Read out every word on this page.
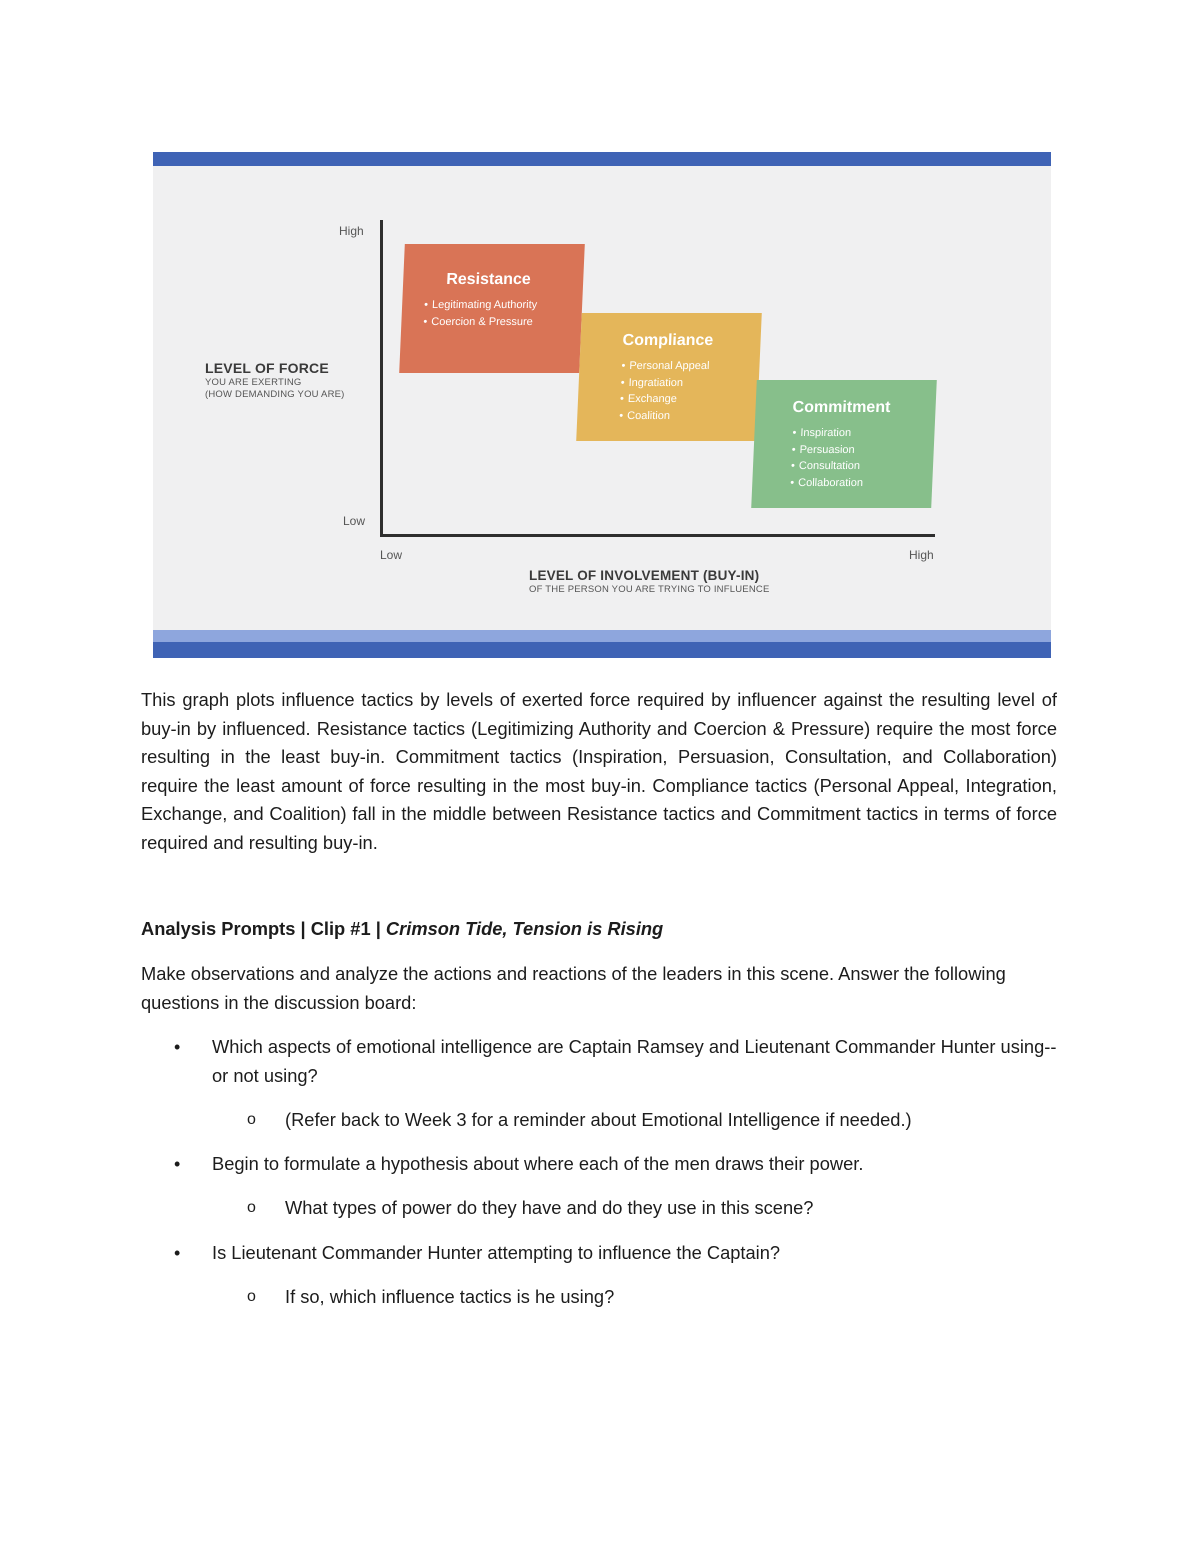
High
Low
Low	High
LEVEL OF FORCE
YOU ARE EXERTING
(HOW DEMANDING YOU ARE)
LEVEL OF INVOLVEMENT (BUY-IN)
OF THE PERSON YOU ARE TRYING TO INFLUENCE
Resistance
• Legitimating Authority
• Coercion & Pressure
Compliance
• Personal Appeal
• Ingratiation
• Exchange
• Coalition	Commitment
• Inspiration
• Persuasion
• Consultation
• Collaboration
This graph plots influence tactics by levels of exerted force required by influencer against the resulting level of buy-in by influenced. Resistance tactics (Legitimizing Authority and Coercion & Pressure) require the most force resulting in the least buy-in. Commitment tactics (Inspiration, Persuasion, Consultation, and Collaboration) require the least amount of force resulting in the most buy-in. Compliance tactics (Personal Appeal, Integration, Exchange, and Coalition) fall in the middle between Resistance tactics and Commitment tactics in terms of force required and resulting buy-in.
Analysis Prompts | Clip #1 | Crimson Tide, Tension is Rising
Make observations and analyze the actions and reactions of the leaders in this scene. Answer the following questions in the discussion board:
• Which aspects of emotional intelligence are Captain Ramsey and Lieutenant Commander Hunter using--or not using?
o (Refer back to Week 3 for a reminder about Emotional Intelligence if needed.)
• Begin to formulate a hypothesis about where each of the men draws their power.
o What types of power do they have and do they use in this scene?
• Is Lieutenant Commander Hunter attempting to influence the Captain?
o If so, which influence tactics is he using?
